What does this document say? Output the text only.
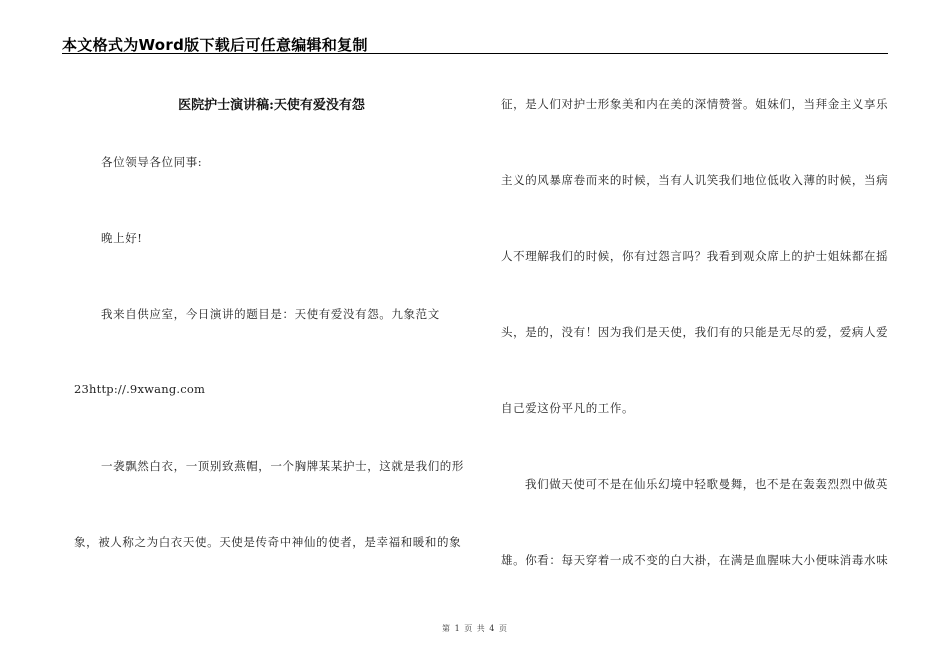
本文格式为Word版下载后可任意编辑和复制
医院护士演讲稿:天使有爱没有怨
各位领导各位同事:
晚上好!
我来自供应室，今日演讲的题目是：天使有爱没有怨。九象范文
23http://.9xwang.com
一袭飘然白衣，一顶别致燕帽，一个胸牌某某护士，这就是我们的形
象，被人称之为白衣天使。天使是传奇中神仙的使者，是幸福和暖和的象
征，是人们对护士形象美和内在美的深情赞誉。姐妹们，当拜金主义享乐
主义的风暴席卷而来的时候，当有人讥笑我们地位低收入薄的时候，当病
人不理解我们的时候，你有过怨言吗？我看到观众席上的护士姐妹都在摇
头，是的，没有！因为我们是天使，我们有的只能是无尽的爱，爱病人爱
自己爱这份平凡的工作。
我们做天使可不是在仙乐幻境中轻歌曼舞，也不是在轰轰烈烈中做英
雄。你看：每天穿着一成不变的白大褂，在满是血腥味大小便味消毒水味
第 1 页 共 4 页
